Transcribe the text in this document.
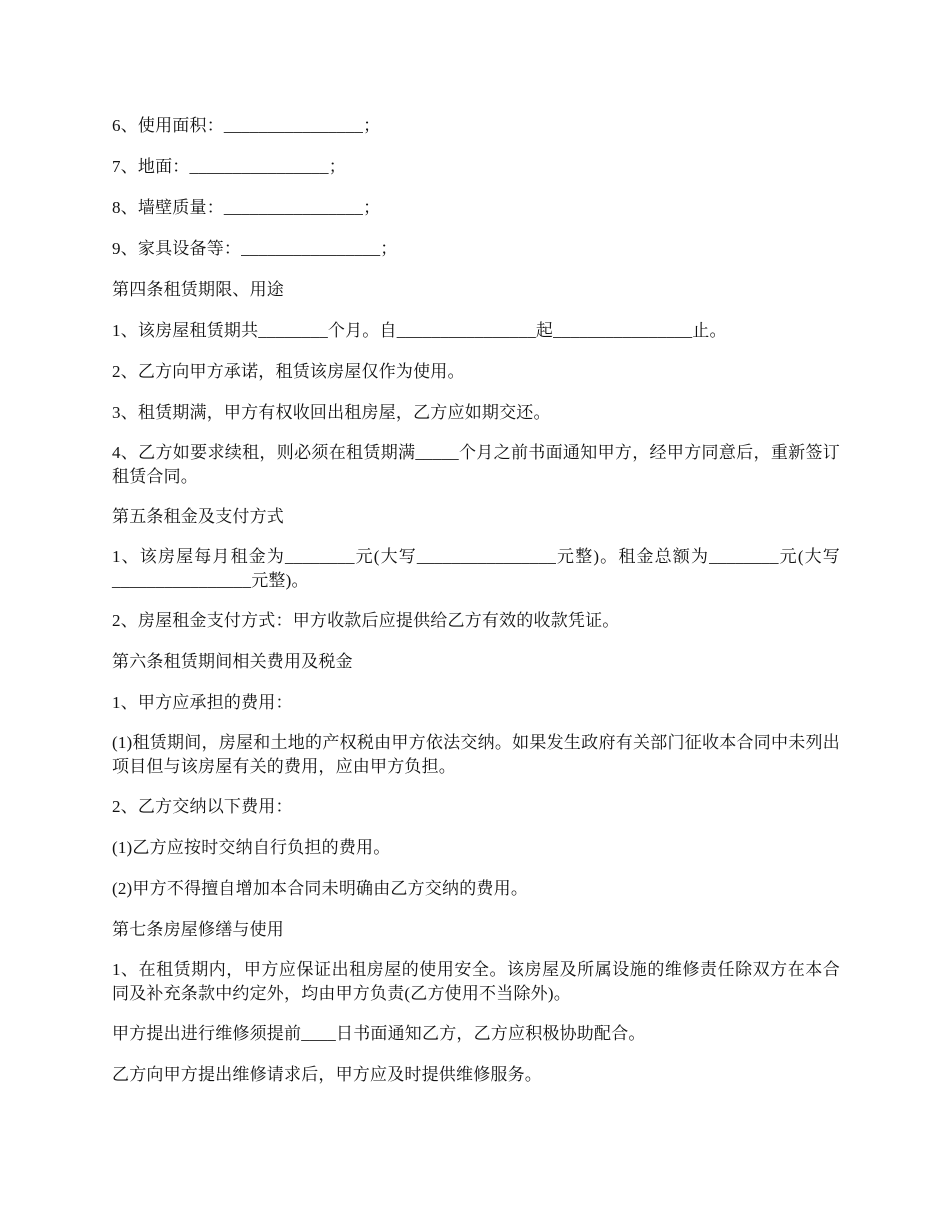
6、使用面积：________________；

7、地面：________________；

8、墙壁质量：________________；

9、家具设备等：________________；

第四条租赁期限、用途

1、该房屋租赁期共________个月。自________________起________________止。

2、乙方向甲方承诺，租赁该房屋仅作为使用。

3、租赁期满，甲方有权收回出租房屋，乙方应如期交还。

4、乙方如要求续租，则必须在租赁期满_____个月之前书面通知甲方，经甲方同意后，重新签订租赁合同。

第五条租金及支付方式

1、该房屋每月租金为________元(大写________________元整)。租金总额为________元(大写________________元整)。

2、房屋租金支付方式：甲方收款后应提供给乙方有效的收款凭证。

第六条租赁期间相关费用及税金

1、甲方应承担的费用：

(1)租赁期间，房屋和土地的产权税由甲方依法交纳。如果发生政府有关部门征收本合同中未列出项目但与该房屋有关的费用，应由甲方负担。

2、乙方交纳以下费用：

(1)乙方应按时交纳自行负担的费用。

(2)甲方不得擅自增加本合同未明确由乙方交纳的费用。

第七条房屋修缮与使用

1、在租赁期内，甲方应保证出租房屋的使用安全。该房屋及所属设施的维修责任除双方在本合同及补充条款中约定外，均由甲方负责(乙方使用不当除外)。

甲方提出进行维修须提前____日书面通知乙方，乙方应积极协助配合。

乙方向甲方提出维修请求后，甲方应及时提供维修服务。
